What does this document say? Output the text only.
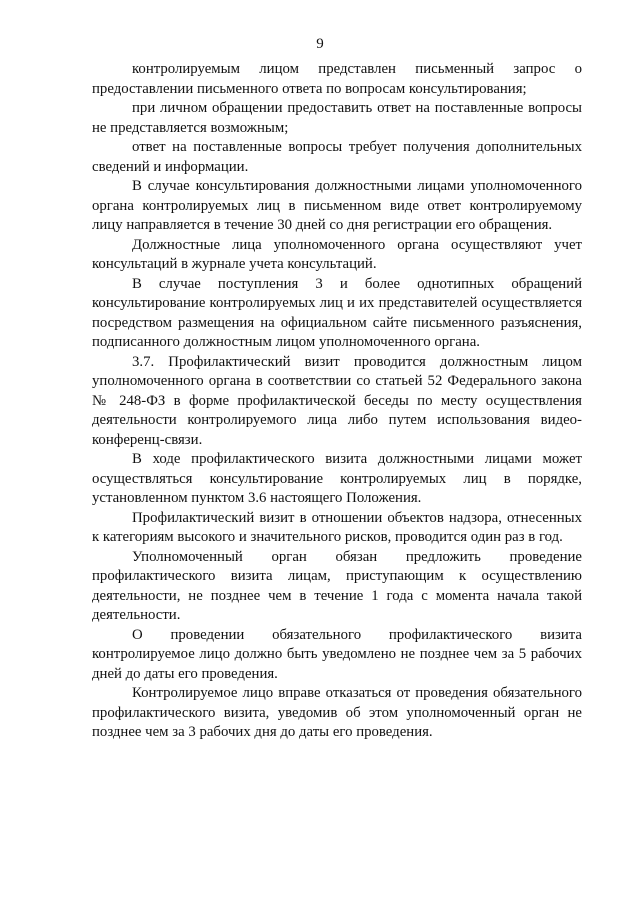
9

контролируемым лицом представлен письменный запрос о предоставлении письменного ответа по вопросам консультирования;

при личном обращении предоставить ответ на поставленные вопросы не представляется возможным;

ответ на поставленные вопросы требует получения дополнительных сведений и информации.

В случае консультирования должностными лицами уполномоченного органа контролируемых лиц в письменном виде ответ контролируемому лицу направляется в течение 30 дней со дня регистрации его обращения.

Должностные лица уполномоченного органа осуществляют учет консультаций в журнале учета консультаций.

В случае поступления 3 и более однотипных обращений консультирование контролируемых лиц и их представителей осуществляется посредством размещения на официальном сайте письменного разъяснения, подписанного должностным лицом уполномоченного органа.

3.7. Профилактический визит проводится должностным лицом уполномоченного органа в соответствии со статьей 52 Федерального закона № 248-ФЗ в форме профилактической беседы по месту осуществления деятельности контролируемого лица либо путем использования видео-конференц-связи.

В ходе профилактического визита должностными лицами может осуществляться консультирование контролируемых лиц в порядке, установленном пунктом 3.6 настоящего Положения.

Профилактический визит в отношении объектов надзора, отнесенных к категориям высокого и значительного рисков, проводится один раз в год.

Уполномоченный орган обязан предложить проведение профилактического визита лицам, приступающим к осуществлению деятельности, не позднее чем в течение 1 года с момента начала такой деятельности.

О проведении обязательного профилактического визита контролируемое лицо должно быть уведомлено не позднее чем за 5 рабочих дней до даты его проведения.

Контролируемое лицо вправе отказаться от проведения обязательного профилактического визита, уведомив об этом уполномоченный орган не позднее чем за 3 рабочих дня до даты его проведения.
